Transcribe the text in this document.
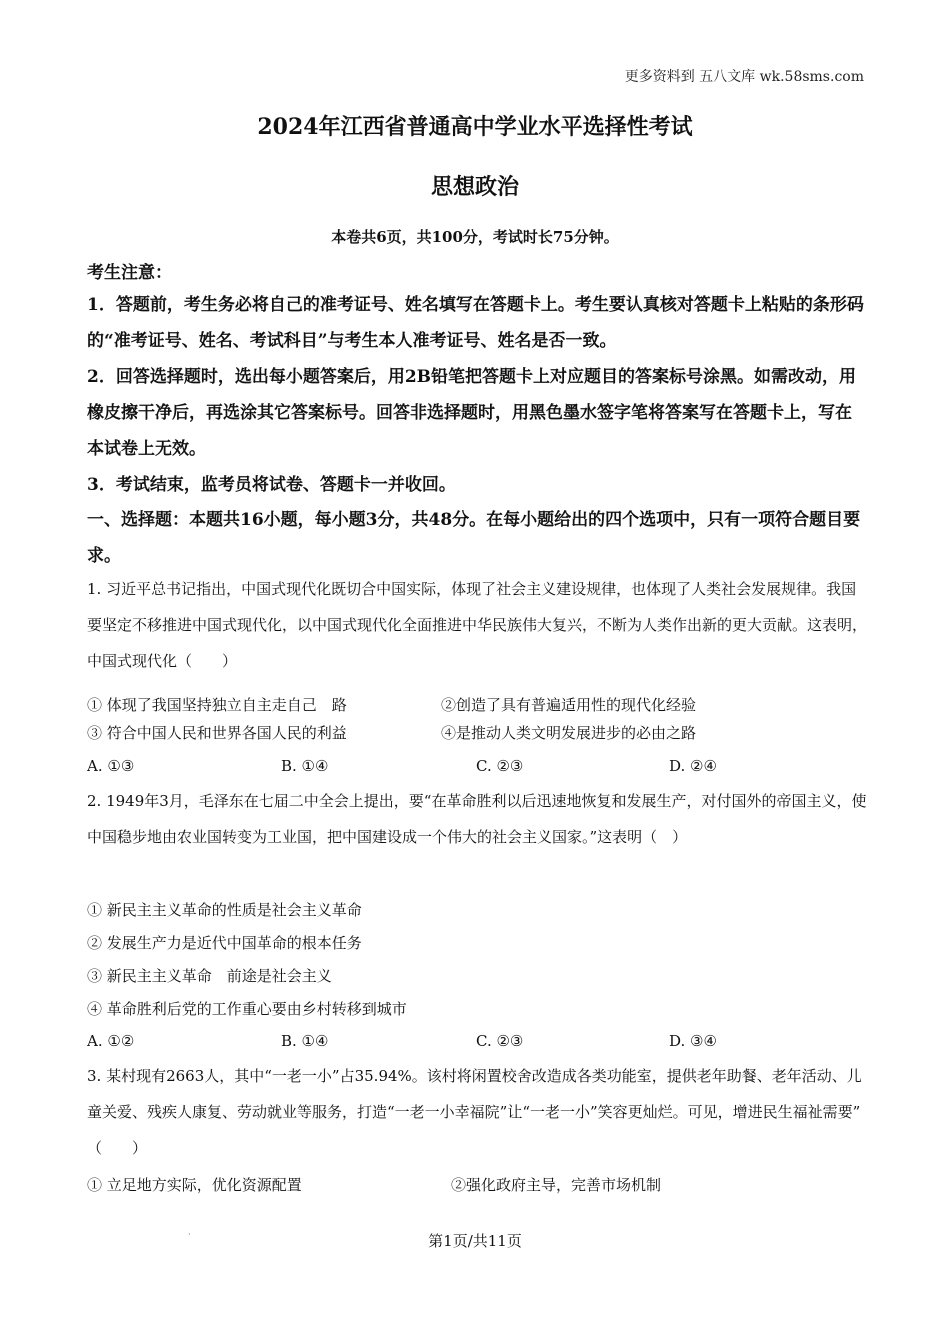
更多资料到 五八文库 wk.58sms.com
2024年江西省普通高中学业水平选择性考试
思想政治
本卷共6页，共100分，考试时长75分钟。
考生注意：
1．答题前，考生务必将自己的准考证号、姓名填写在答题卡上。考生要认真核对答题卡上粘贴的条形码的“准考证号、姓名、考试科目”与考生本人准考证号、姓名是否一致。
2．回答选择题时，选出每小题答案后，用2B铅笔把答题卡上对应题目的答案标号涂黑。如需改动，用橡皮擦干净后，再选涂其它答案标号。回答非选择题时，用黑色墨水签字笔将答案写在答题卡上，写在本试卷上无效。
3．考试结束，监考员将试卷、答题卡一并收回。
一、选择题：本题共16小题，每小题3分，共48分。在每小题给出的四个选项中，只有一项符合题目要求。
1. 习近平总书记指出，中国式现代化既切合中国实际，体现了社会主义建设规律，也体现了人类社会发展规律。我国要坚定不移推进中国式现代化，以中国式现代化全面推进中华民族伟大复兴，不断为人类作出新的更大贡献。这表明，中国式现代化（　　）
① 体现了我国坚持独立自主走自己　路	②创造了具有普遍适用性的现代化经验
③ 符合中国人民和世界各国人民的利益	④是推动人类文明发展进步的必由之路
A. ①③	B. ①④	C. ②③	D. ②④
2. 1949年3月，毛泽东在七届二中全会上提出，要“在革命胜利以后迅速地恢复和发展生产，对付国外的帝国主义，使中国稳步地由农业国转变为工业国，把中国建设成一个伟大的社会主义国家。”这表明（　）
① 新民主主义革命的性质是社会主义革命
② 发展生产力是近代中国革命的根本任务
③ 新民主主义革命　前途是社会主义
④ 革命胜利后党的工作重心要由乡村转移到城市
A. ①②	B. ①④	C. ②③	D. ③④
3. 某村现有2663人，其中“一老一小”占35.94%。该村将闲置校舍改造成各类功能室，提供老年助餐、老年活动、儿童关爱、残疾人康复、劳动就业等服务，打造“一老一小幸福院”让“一老一小”笑容更灿烂。可见，增进民生福祉需要”　（　　）
① 立足地方实际，优化资源配置	②强化政府主导，完善市场机制
·	第1页/共11页
